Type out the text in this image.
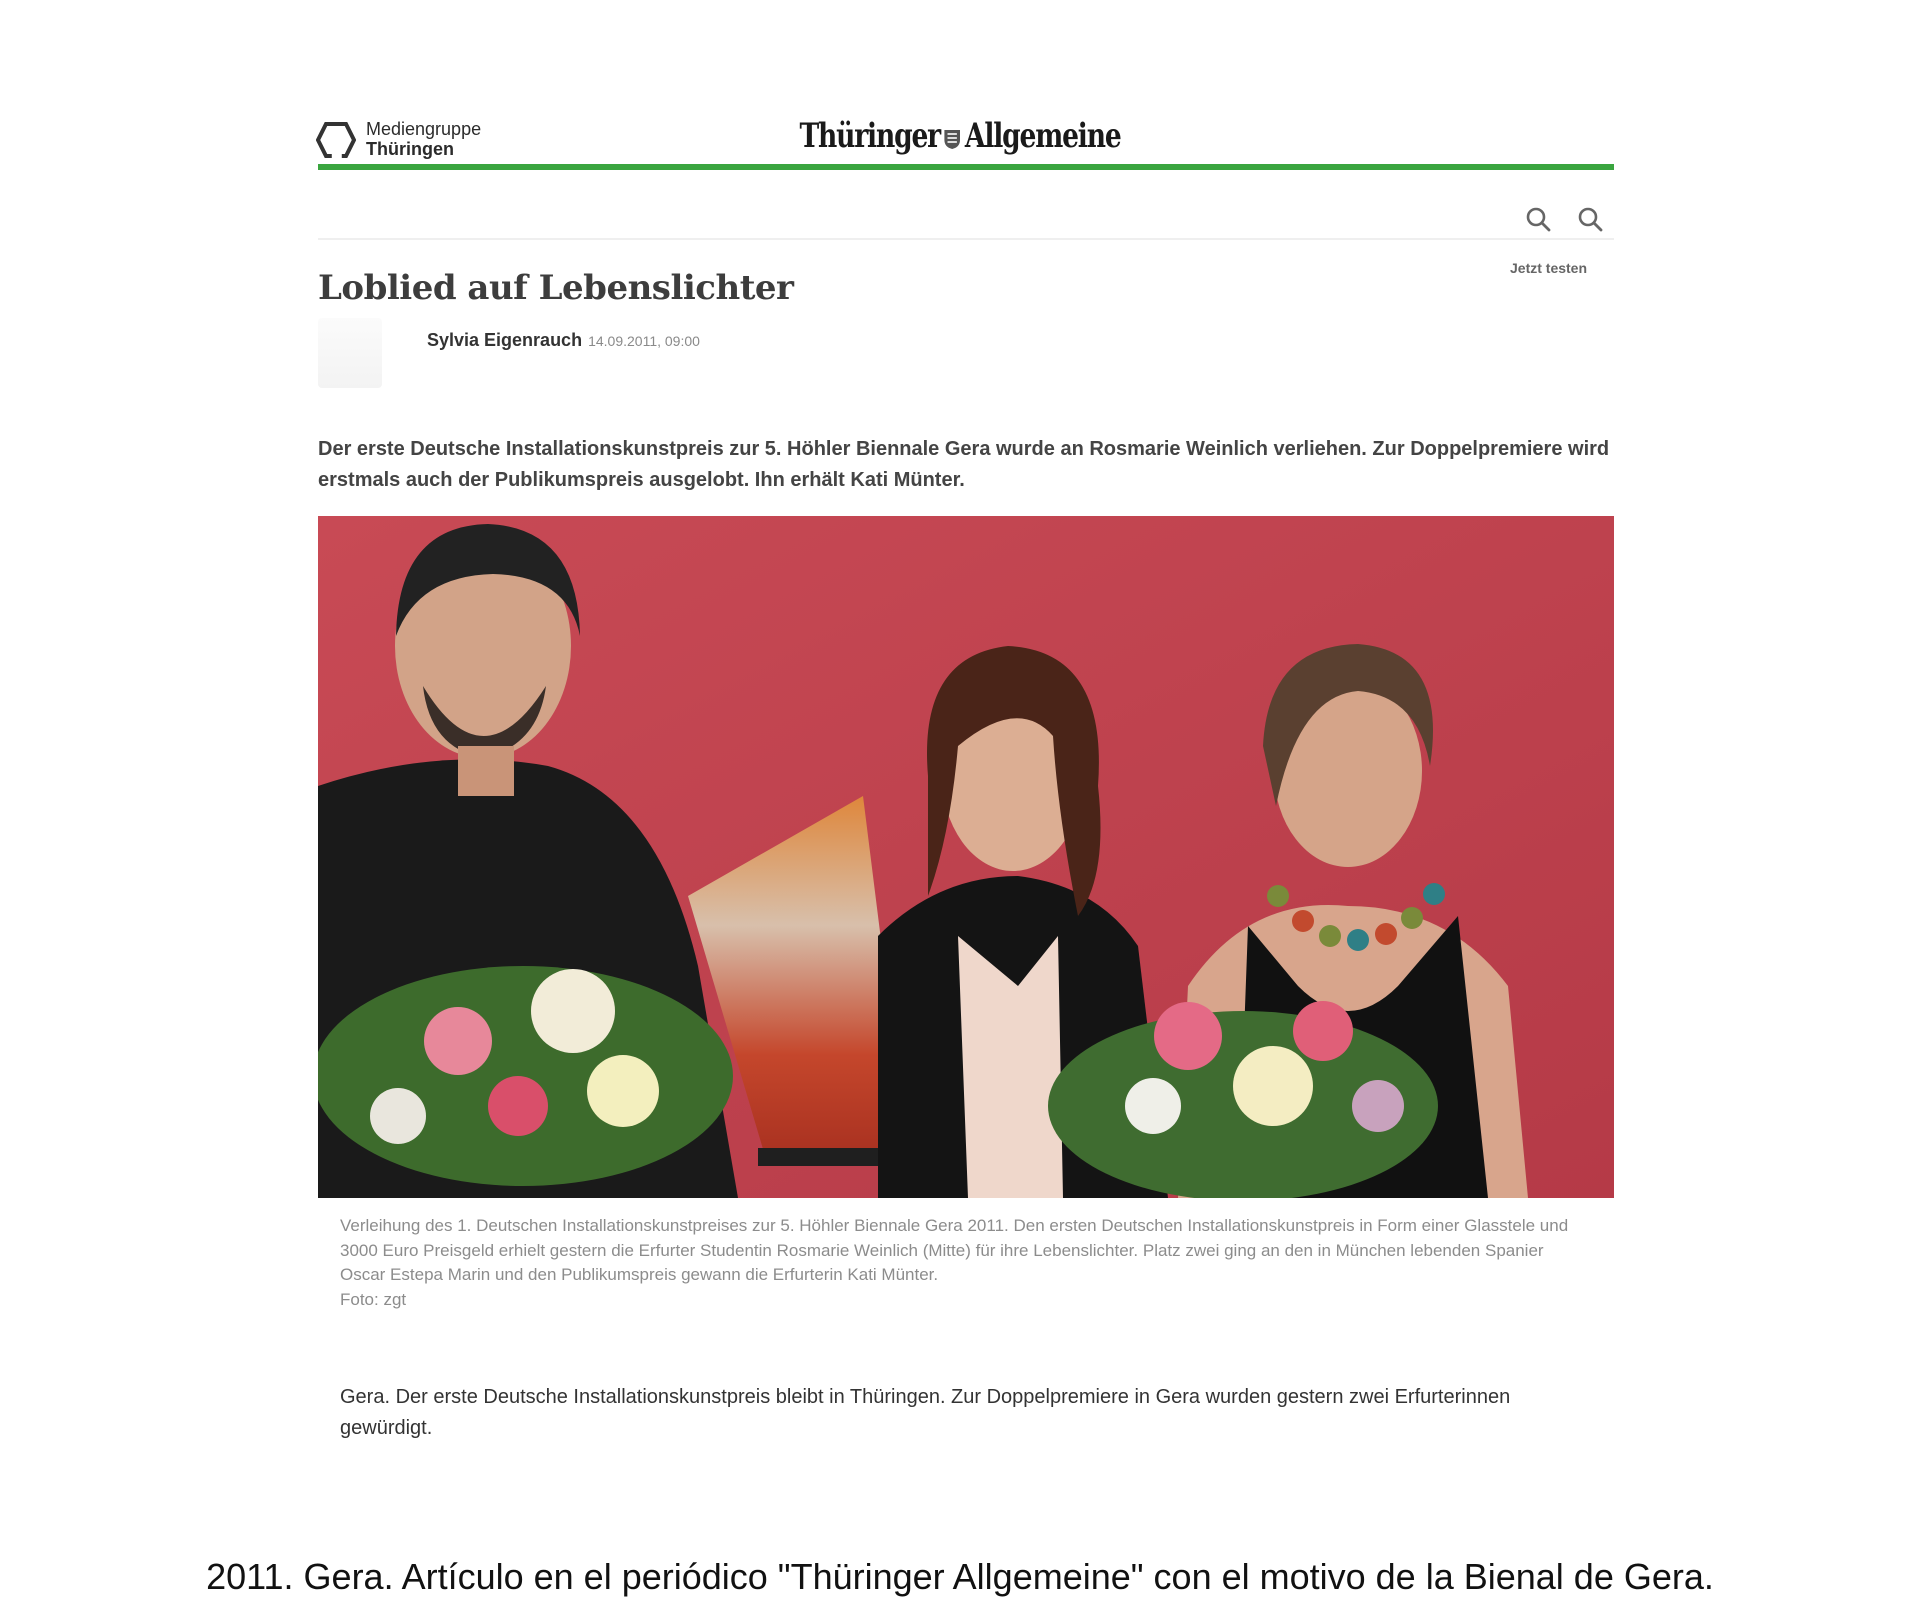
Mediengruppe
Thüringen	Thüringer Allgemeine
Jetzt testen
Loblied auf Lebenslichter
Sylvia Eigenrauch 14.09.2011, 09:00

Der erste Deutsche Installationskunstpreis zur 5. Höhler Biennale Gera wurde an Rosmarie Weinlich verliehen. Zur Doppelpremiere wird erstmals auch der Publikumspreis ausgelobt. Ihn erhält Kati Münter.

Verleihung des 1. Deutschen Installationskunstpreises zur 5. Höhler Biennale Gera 2011. Den ersten Deutschen Installationskunstpreis in Form einer Glasstele und 3000 Euro Preisgeld erhielt gestern die Erfurter Studentin Rosmarie Weinlich (Mitte) für ihre Lebenslichter. Platz zwei ging an den in München lebenden Spanier Oscar Estepa Marin und den Publikumspreis gewann die Erfurterin Kati Münter.
Foto: zgt

Gera. Der erste Deutsche Installationskunstpreis bleibt in Thüringen. Zur Doppelpremiere in Gera wurden gestern zwei Erfurterinnen gewürdigt.

2011. Gera. Artículo en el periódico "Thüringer Allgemeine" con el motivo de la Bienal de Gera.
